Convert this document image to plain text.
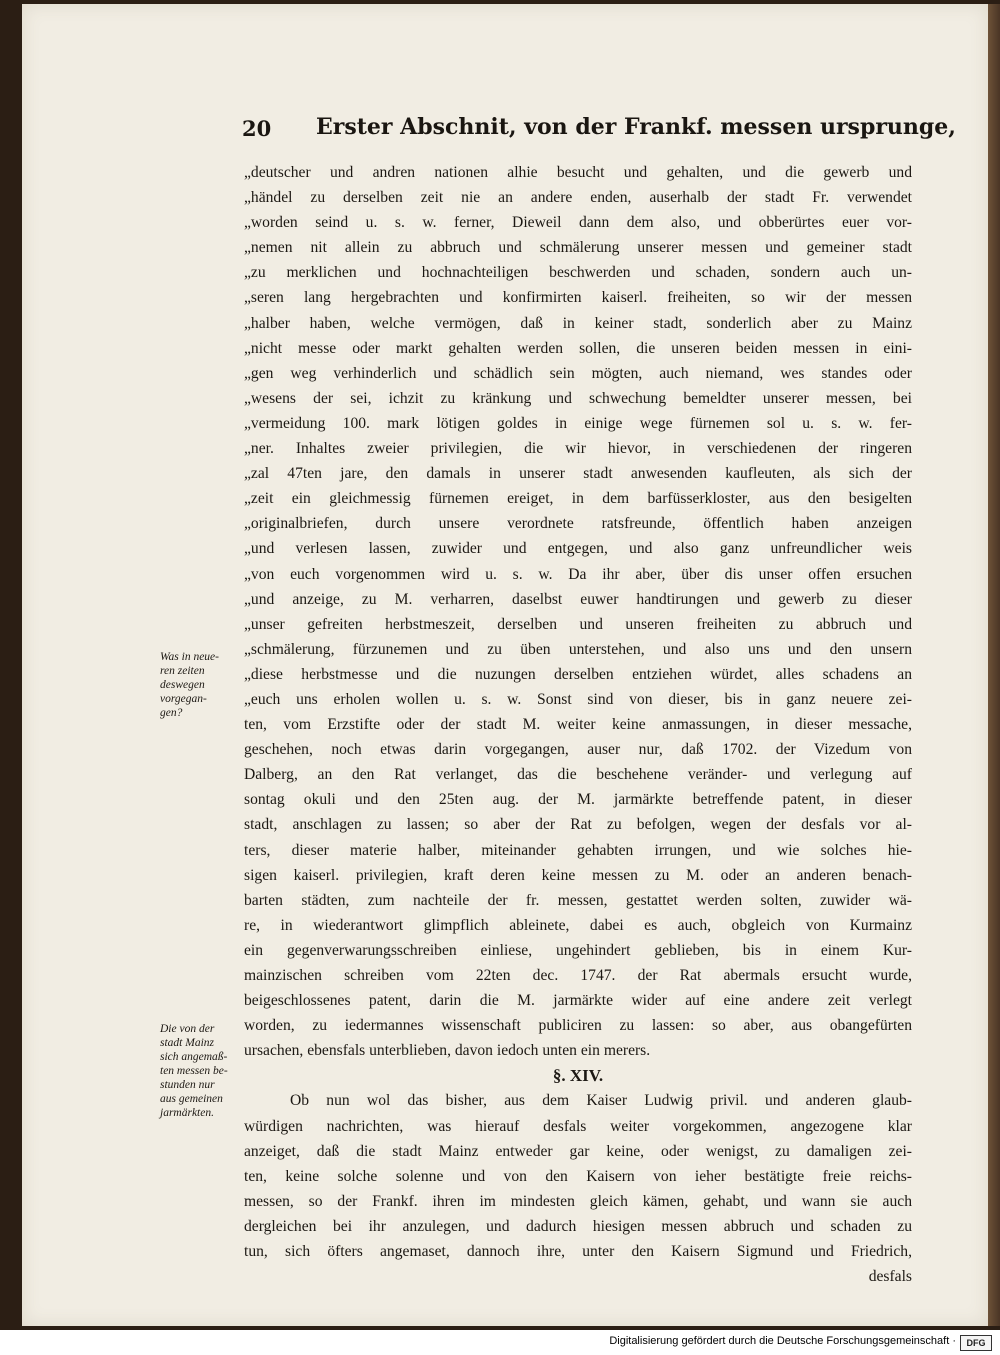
20 Erster Abschnit, von der Frankf. messen ursprunge,
„deutscher und andren nationen alhie besucht und gehalten, und die gewerb und
„händel zu derselben zeit nie an andere enden, auserhalb der stadt Fr. verwendet
„worden seind u. s. w. ferner, Dieweil dann dem also, und obberürtes euer vor-
„nemen nit allein zu abbruch und schmälerung unserer messen und gemeiner stadt
„zu merklichen und hochnachteiligen beschwerden und schaden, sondern auch un-
„seren lang hergebrachten und konfirmirten kaiserl. freiheiten, so wir der messen
„halber haben, welche vermögen, daß in keiner stadt, sonderlich aber zu Mainz
„nicht messe oder markt gehalten werden sollen, die unseren beiden messen in eini-
„gen weg verhinderlich und schädlich sein mögten, auch niemand, wes standes oder
„wesens der sei, ichzit zu kränkung und schwechung bemeldter unserer messen, bei
„vermeidung 100. mark lötigen goldes in einige wege fürnemen sol u. s. w. fer-
„ner. Inhaltes zweier privilegien, die wir hievor, in verschiedenen der ringeren
„zal 47ten jare, den damals in unserer stadt anwesenden kaufleuten, als sich der
„zeit ein gleichmessig fürnemen ereiget, in dem barfüsserkloster, aus den besigelten
„originalbriefen, durch unsere verordnete ratsfreunde, öffentlich haben anzeigen
„und verlesen lassen, zuwider und entgegen, und also ganz unfreundlicher weis
„von euch vorgenommen wird u. s. w. Da ihr aber, über dis unser offen ersuchen
„und anzeige, zu M. verharren, daselbst euwer handtirungen und gewerb zu dieser
„unser gefreiten herbstmeszeit, derselben und unseren freiheiten zu abbruch und
„schmälerung, fürzunemen und zu üben unterstehen, und also uns und den unsern
„diese herbstmesse und die nuzungen derselben entziehen würdet, alles schadens an
„euch uns erholen wollen u. s. w. Sonst sind von dieser, bis in ganz neuere zei-
ten, vom Erzstifte oder der stadt M. weiter keine anmassungen, in dieser messache,
geschehen, noch etwas darin vorgegangen, auser nur, daß 1702. der Vizedum von
Dalberg, an den Rat verlanget, das die beschehene veränder- und verlegung auf
sontag okuli und den 25ten aug. der M. jarmärkte betreffende patent, in dieser
stadt, anschlagen zu lassen; so aber der Rat zu befolgen, wegen der desfals vor al-
ters, dieser materie halber, miteinander gehabten irrungen, und wie solches hie-
sigen kaiserl. privilegien, kraft deren keine messen zu M. oder an anderen benach-
barten städten, zum nachteile der fr. messen, gestattet werden solten, zuwider wä-
re, in wiederantwort glimpflich ableinete, dabei es auch, obgleich von Kurmainz
ein gegenverwarungsschreiben einliese, ungehindert geblieben, bis in einem Kur-
mainzischen schreiben vom 22ten dec. 1747. der Rat abermals ersucht wurde,
beigeschlossenes patent, darin die M. jarmärkte wider auf eine andere zeit verlegt
worden, zu iedermannes wissenschaft publiciren zu lassen: so aber, aus obangefürten
ursachen, ebensfals unterblieben, davon iedoch unten ein merers.
§. XIV.
Ob nun wol das bisher, aus dem Kaiser Ludwig privil. und anderen glaub-
würdigen nachrichten, was hierauf desfals weiter vorgekommen, angezogene klar
anzeiget, daß die stadt Mainz entweder gar keine, oder wenigst, zu damaligen zei-
ten, keine solche solenne und von den Kaisern von ieher bestätigte freie reichs-
messen, so der Frankf. ihren im mindesten gleich kämen, gehabt, und wann sie auch
dergleichen bei ihr anzulegen, und dadurch hiesigen messen abbruch und schaden zu
tun, sich öfters angemaset, dannoch ihre, unter den Kaisern Sigmund und Friedrich,
desfals
Was in neue-
ren zeiten
deswegen
vorgegan-
gen?
Die von der
stadt Mainz
sich angemaß-
ten messen be-
stunden nur
aus gemeinen
jarmärkten.
Digitalisierung gefördert durch die Deutsche Forschungsgemeinschaft ·	DFG
